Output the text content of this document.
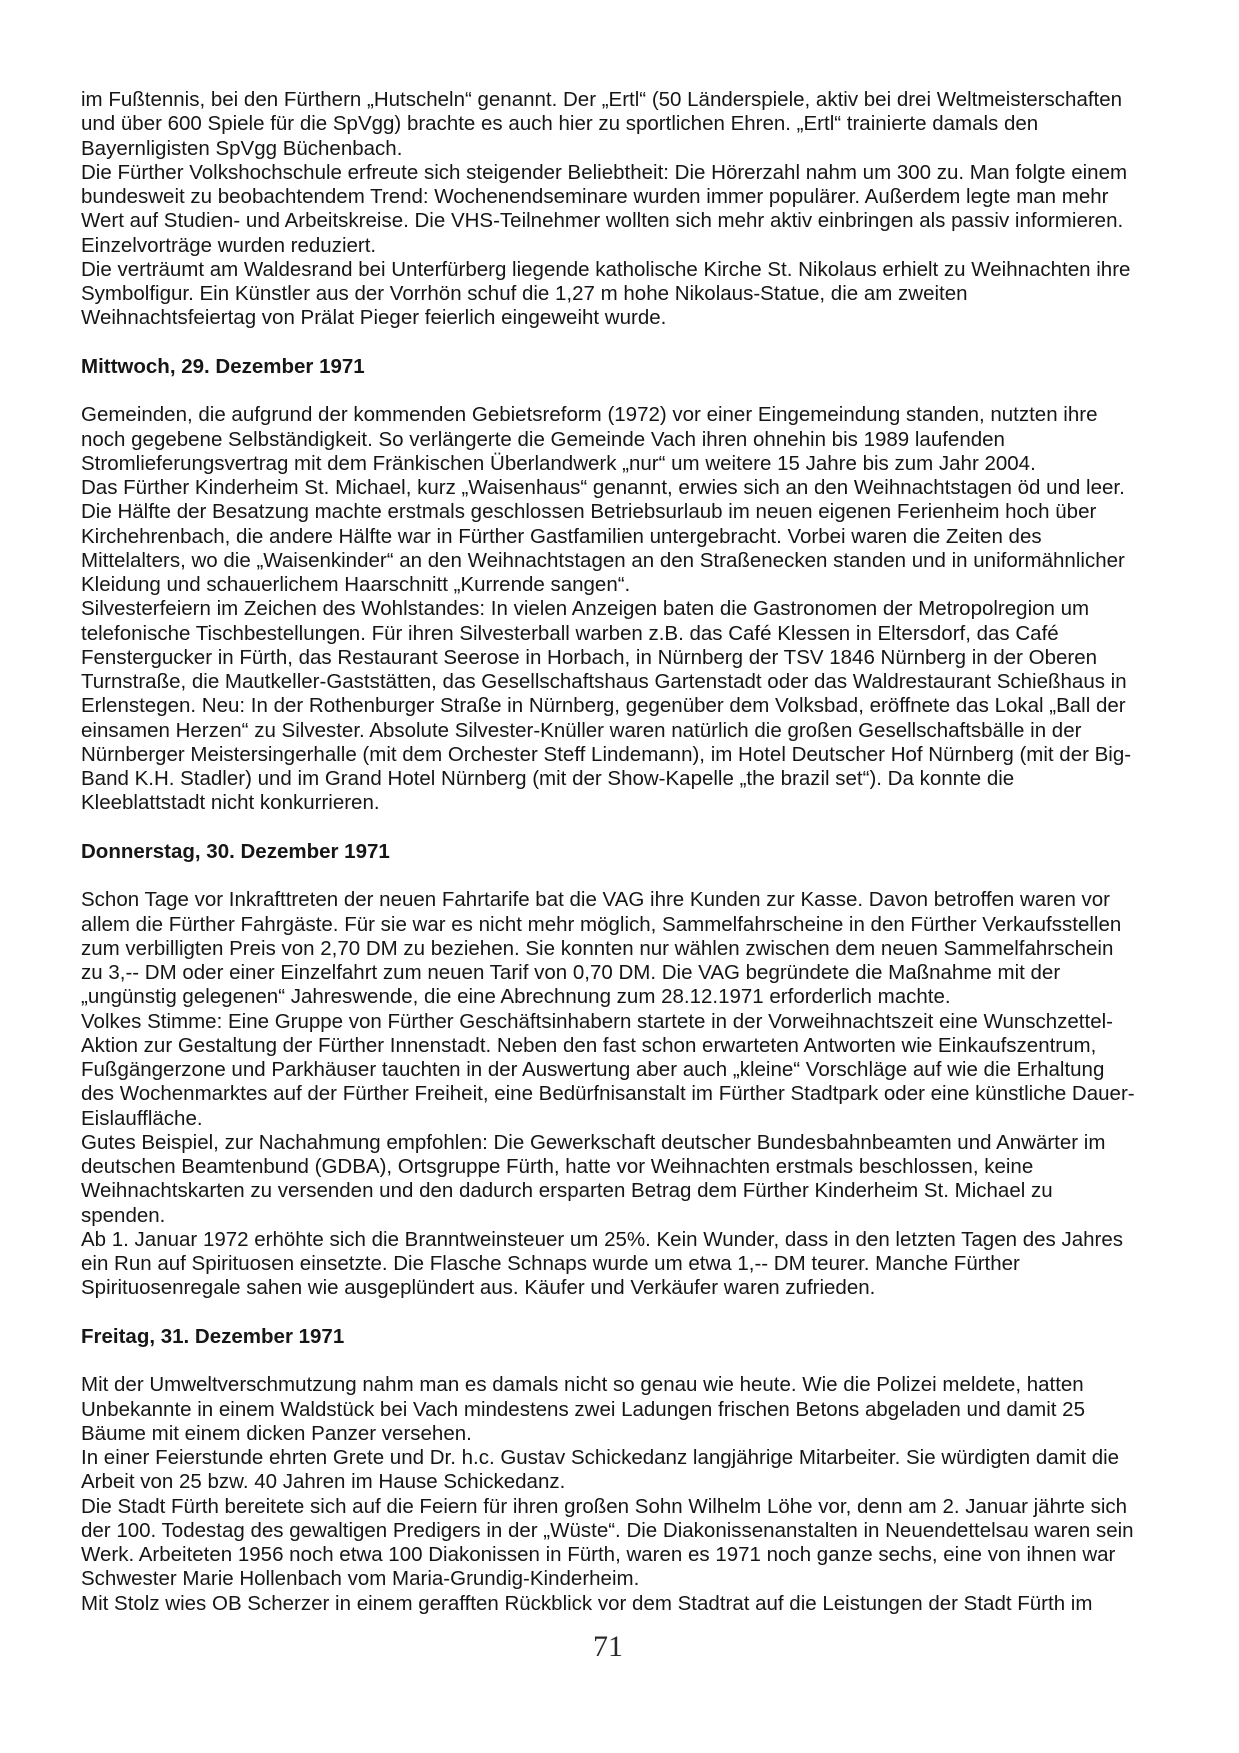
im Fußtennis, bei den Fürthern „Hutscheln“ genannt. Der „Ertl“ (50 Länderspiele, aktiv bei drei Weltmeisterschaften und über 600 Spiele für die SpVgg) brachte es auch hier zu sportlichen Ehren. „Ertl“ trainierte damals den Bayernligisten SpVgg Büchenbach.

Die Fürther Volkshochschule erfreute sich steigender Beliebtheit: Die Hörerzahl nahm um 300 zu. Man folgte einem bundesweit zu beobachtendem Trend: Wochenendseminare wurden immer populärer. Außerdem legte man mehr Wert auf Studien- und Arbeitskreise. Die VHS-Teilnehmer wollten sich mehr aktiv einbringen als passiv informieren. Einzelvorträge wurden reduziert.

Die verträumt am Waldesrand bei Unterfürberg liegende katholische Kirche St. Nikolaus erhielt zu Weihnachten ihre Symbolfigur. Ein Künstler aus der Vorrhön schuf die 1,27 m hohe Nikolaus-Statue, die am zweiten Weihnachtsfeiertag von Prälat Pieger feierlich eingeweiht wurde.

Mittwoch, 29. Dezember 1971

Gemeinden, die aufgrund der kommenden Gebietsreform (1972) vor einer Eingemeindung standen, nutzten ihre noch gegebene Selbständigkeit. So verlängerte die Gemeinde Vach ihren ohnehin bis 1989 laufenden Stromlieferungsvertrag mit dem Fränkischen Überlandwerk „nur“ um weitere 15 Jahre bis zum Jahr 2004.

Das Fürther Kinderheim St. Michael, kurz „Waisenhaus“ genannt, erwies sich an den Weihnachtstagen öd und leer. Die Hälfte der Besatzung machte erstmals geschlossen Betriebsurlaub im neuen eigenen Ferienheim hoch über Kirchehrenbach, die andere Hälfte war in Fürther Gastfamilien untergebracht. Vorbei waren die Zeiten des Mittelalters, wo die „Waisenkinder“ an den Weihnachtstagen an den Straßenecken standen und in uniformähnlicher Kleidung und schauerlichem Haarschnitt „Kurrende sangen“.

Silvesterfeiern im Zeichen des Wohlstandes: In vielen Anzeigen baten die Gastronomen der Metropolregion um telefonische Tischbestellungen. Für ihren Silvesterball warben z.B. das Café Klessen in Eltersdorf, das Café Fenstergucker in Fürth, das Restaurant Seerose in Horbach, in Nürnberg der TSV 1846 Nürnberg in der Oberen Turnstraße, die Mautkeller-Gaststätten, das Gesellschaftshaus Gartenstadt oder das Waldrestaurant Schießhaus in Erlenstegen. Neu: In der Rothenburger Straße in Nürnberg, gegenüber dem Volksbad, eröffnete das Lokal „Ball der einsamen Herzen“ zu Silvester. Absolute Silvester-Knüller waren natürlich die großen Gesellschaftsbälle in der Nürnberger Meistersingerhalle (mit dem Orchester Steff Lindemann), im Hotel Deutscher Hof Nürnberg (mit der Big-Band K.H. Stadler) und im Grand Hotel Nürnberg (mit der Show-Kapelle „the brazil set“). Da konnte die Kleeblattstadt nicht konkurrieren.

Donnerstag, 30. Dezember 1971

Schon Tage vor Inkrafttreten der neuen Fahrtarife bat die VAG ihre Kunden zur Kasse. Davon betroffen waren vor allem die Fürther Fahrgäste. Für sie war es nicht mehr möglich, Sammelfahrscheine in den Fürther Verkaufsstellen zum verbilligten Preis von 2,70 DM zu beziehen. Sie konnten nur wählen zwischen dem neuen Sammelfahrschein zu 3,-- DM oder einer Einzelfahrt zum neuen Tarif von 0,70 DM. Die VAG begründete die Maßnahme mit der „ungünstig gelegenen“ Jahreswende, die eine Abrechnung zum 28.12.1971 erforderlich machte.

Volkes Stimme: Eine Gruppe von Fürther Geschäftsinhabern startete in der Vorweihnachtszeit eine Wunschzettel-Aktion zur Gestaltung der Fürther Innenstadt. Neben den fast schon erwarteten Antworten wie Einkaufszentrum, Fußgängerzone und Parkhäuser tauchten in der Auswertung aber auch „kleine“ Vorschläge auf wie die Erhaltung des Wochenmarktes auf der Fürther Freiheit, eine Bedürfnisanstalt im Fürther Stadtpark oder eine künstliche Dauer-Eislauffläche.

Gutes Beispiel, zur Nachahmung empfohlen: Die Gewerkschaft deutscher Bundesbahnbeamten und Anwärter im deutschen Beamtenbund (GDBA), Ortsgruppe Fürth, hatte vor Weihnachten erstmals beschlossen, keine Weihnachtskarten zu versenden und den dadurch ersparten Betrag dem Fürther Kinderheim St. Michael zu spenden.

Ab 1. Januar 1972 erhöhte sich die Branntweinsteuer um 25%. Kein Wunder, dass in den letzten Tagen des Jahres ein Run auf Spirituosen einsetzte. Die Flasche Schnaps wurde um etwa 1,-- DM teurer. Manche Fürther Spirituosenregale sahen wie ausgeplündert aus. Käufer und Verkäufer waren zufrieden.

Freitag, 31. Dezember 1971

Mit der Umweltverschmutzung nahm man es damals nicht so genau wie heute. Wie die Polizei meldete, hatten Unbekannte in einem Waldstück bei Vach mindestens zwei Ladungen frischen Betons abgeladen und damit 25 Bäume mit einem dicken Panzer versehen.

In einer Feierstunde ehrten Grete und Dr. h.c. Gustav Schickedanz langjährige Mitarbeiter. Sie würdigten damit die Arbeit von 25 bzw. 40 Jahren im Hause Schickedanz.

Die Stadt Fürth bereitete sich auf die Feiern für ihren großen Sohn Wilhelm Löhe vor, denn am 2. Januar jährte sich der 100. Todestag des gewaltigen Predigers in der „Wüste“. Die Diakonissenanstalten in Neuendettelsau waren sein Werk. Arbeiteten 1956 noch etwa 100 Diakonissen in Fürth, waren es 1971 noch ganze sechs, eine von ihnen war Schwester Marie Hollenbach vom Maria-Grundig-Kinderheim.

Mit Stolz wies OB Scherzer in einem gerafften Rückblick vor dem Stadtrat auf die Leistungen der Stadt Fürth im

71
